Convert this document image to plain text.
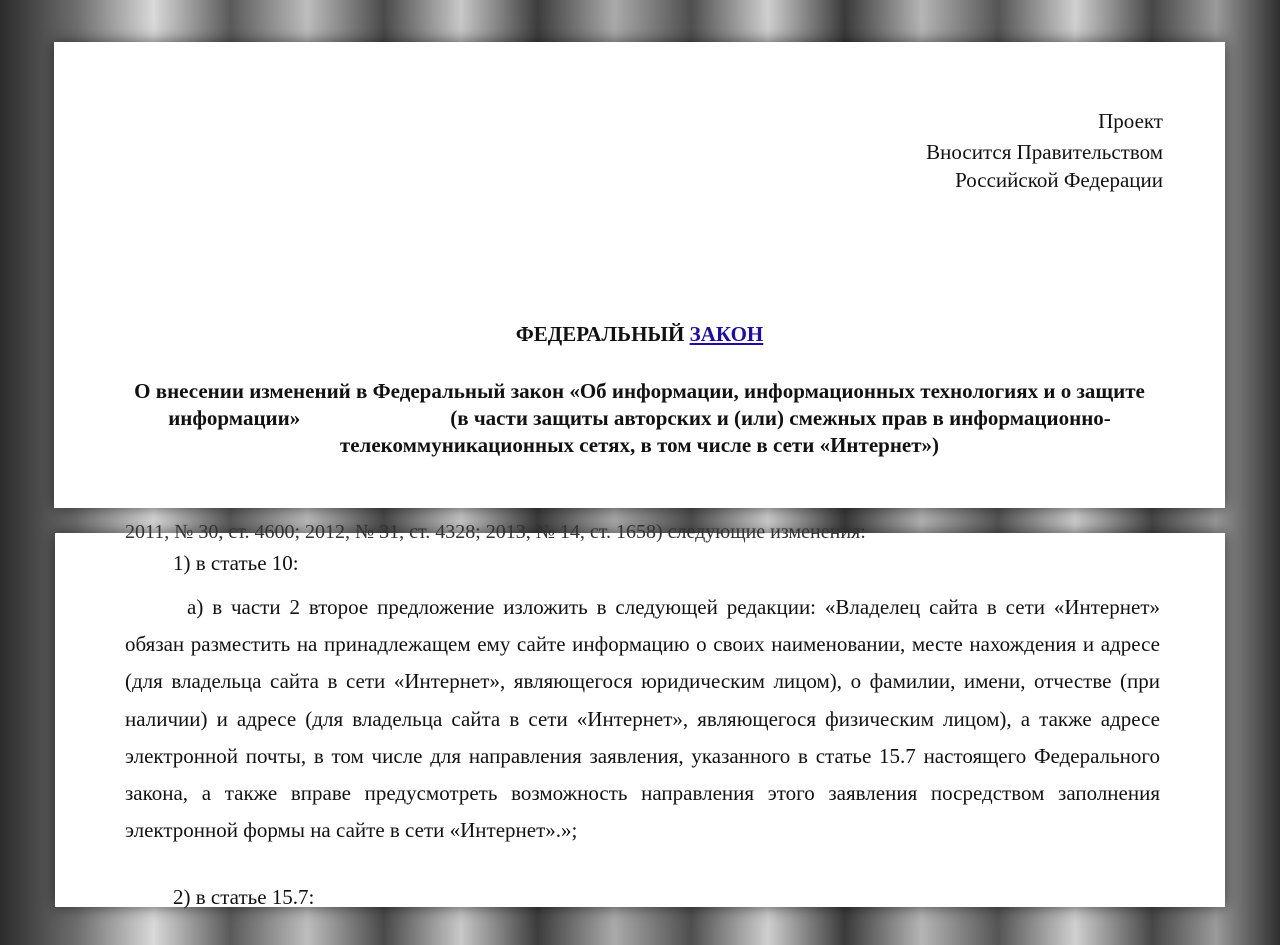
Проект
Вносится Правительством
Российской Федерации
ФЕДЕРАЛЬНЫЙ ЗАКОН
О внесении изменений в Федеральный закон «Об информации, информационных технологиях и о защите информации»	(в части защиты авторских и (или) смежных прав в информационно-телекоммуникационных сетях, в том числе в сети «Интернет»)
2011, № 30, ст. 4600; 2012, № 31, ст. 4328; 2013, № 14, ст. 1658) следующие изменения:
1) в статье 10:
а) в части 2 второе предложение изложить в следующей редакции: «Владелец сайта в сети «Интернет» обязан разместить на принадлежащем ему сайте информацию о своих наименовании, месте нахождения и адресе (для владельца сайта в сети «Интернет», являющегося юридическим лицом), о фамилии, имени, отчестве (при наличии) и адресе (для владельца сайта в сети «Интернет», являющегося физическим лицом), а также адресе электронной почты, в том числе для направления заявления, указанного в статье 15.7 настоящего Федерального закона, а также вправе предусмотреть возможность направления этого заявления посредством заполнения электронной формы на сайте в сети «Интернет».»;
2) в статье 15.7:
